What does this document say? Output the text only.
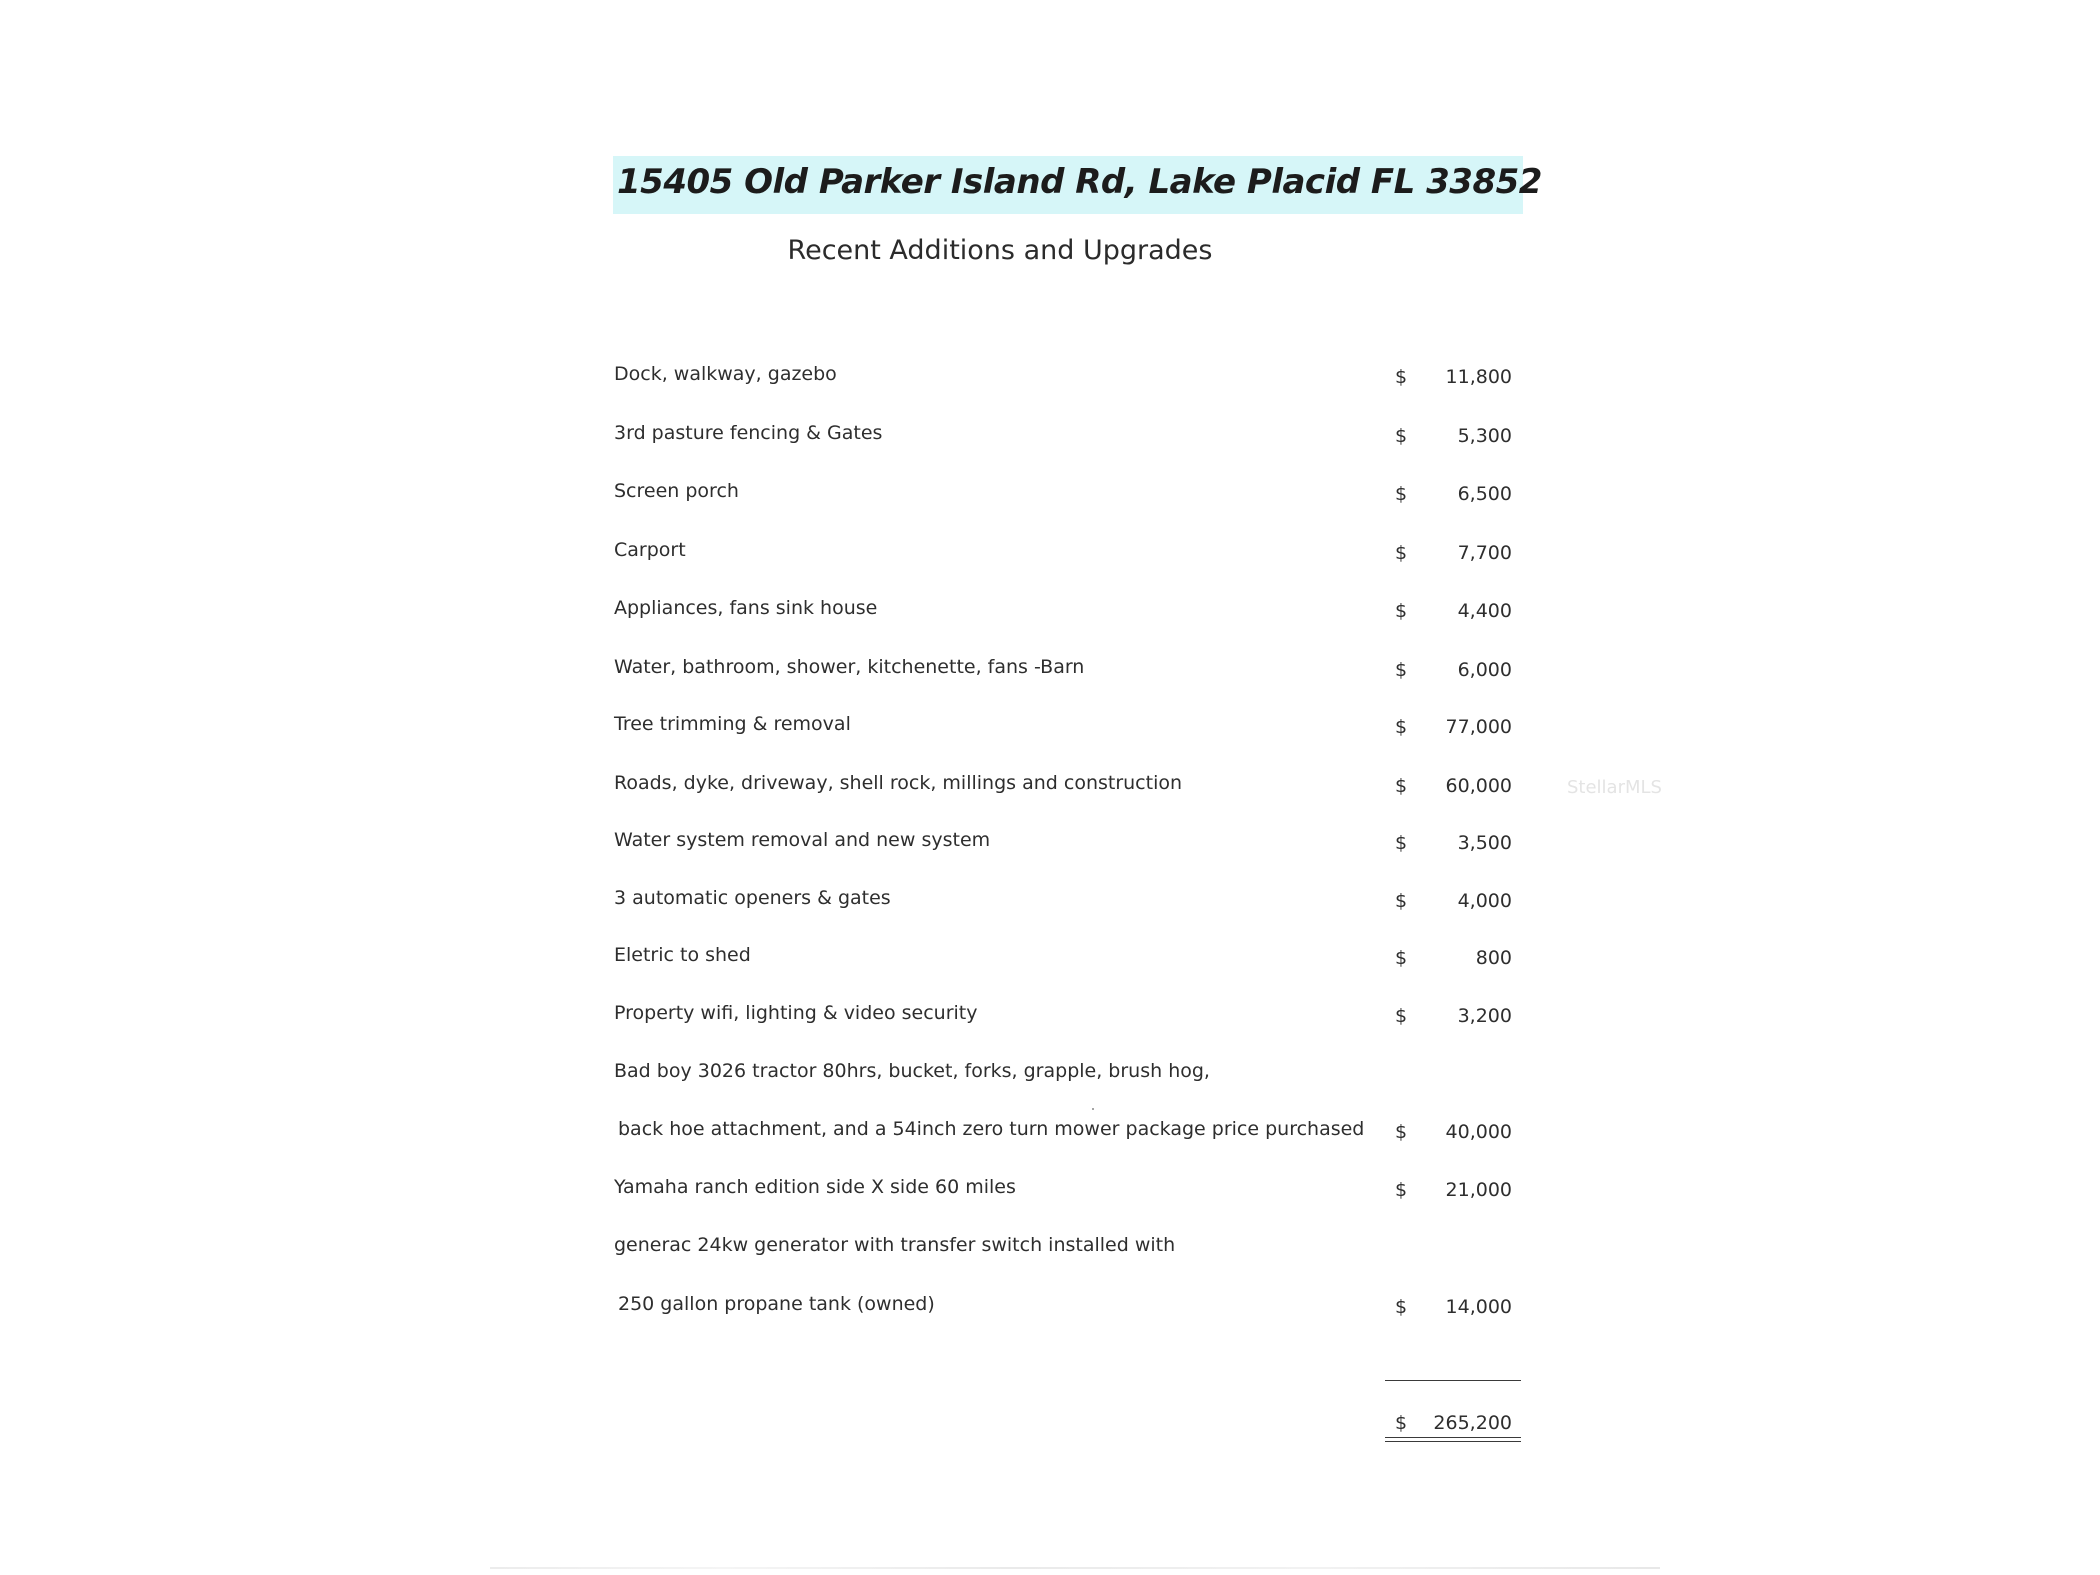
15405 Old Parker Island Rd, Lake Placid FL 33852
Recent Additions and Upgrades
Dock, walkway, gazebo	$	11,800
3rd pasture fencing & Gates	$	5,300
Screen porch	$	6,500
Carport	$	7,700
Appliances, fans sink house	$	4,400
Water, bathroom, shower, kitchenette, fans -Barn	$	6,000
Tree trimming & removal	$	77,000
Roads, dyke, driveway, shell rock, millings and construction	$	60,000
Water system removal and new system	$	3,500
3 automatic openers & gates	$	4,000
Eletric to shed	$	800
Property wifi, lighting & video security	$	3,200
Bad boy 3026 tractor 80hrs, bucket, forks, grapple, brush hog,
back hoe attachment, and a 54inch zero turn mower package price purchased $	40,000
Yamaha ranch edition side X side 60 miles	$	21,000
generac 24kw generator with transfer switch installed with
250 gallon propane tank (owned)	$	14,000
$	265,200
StellarMLS
